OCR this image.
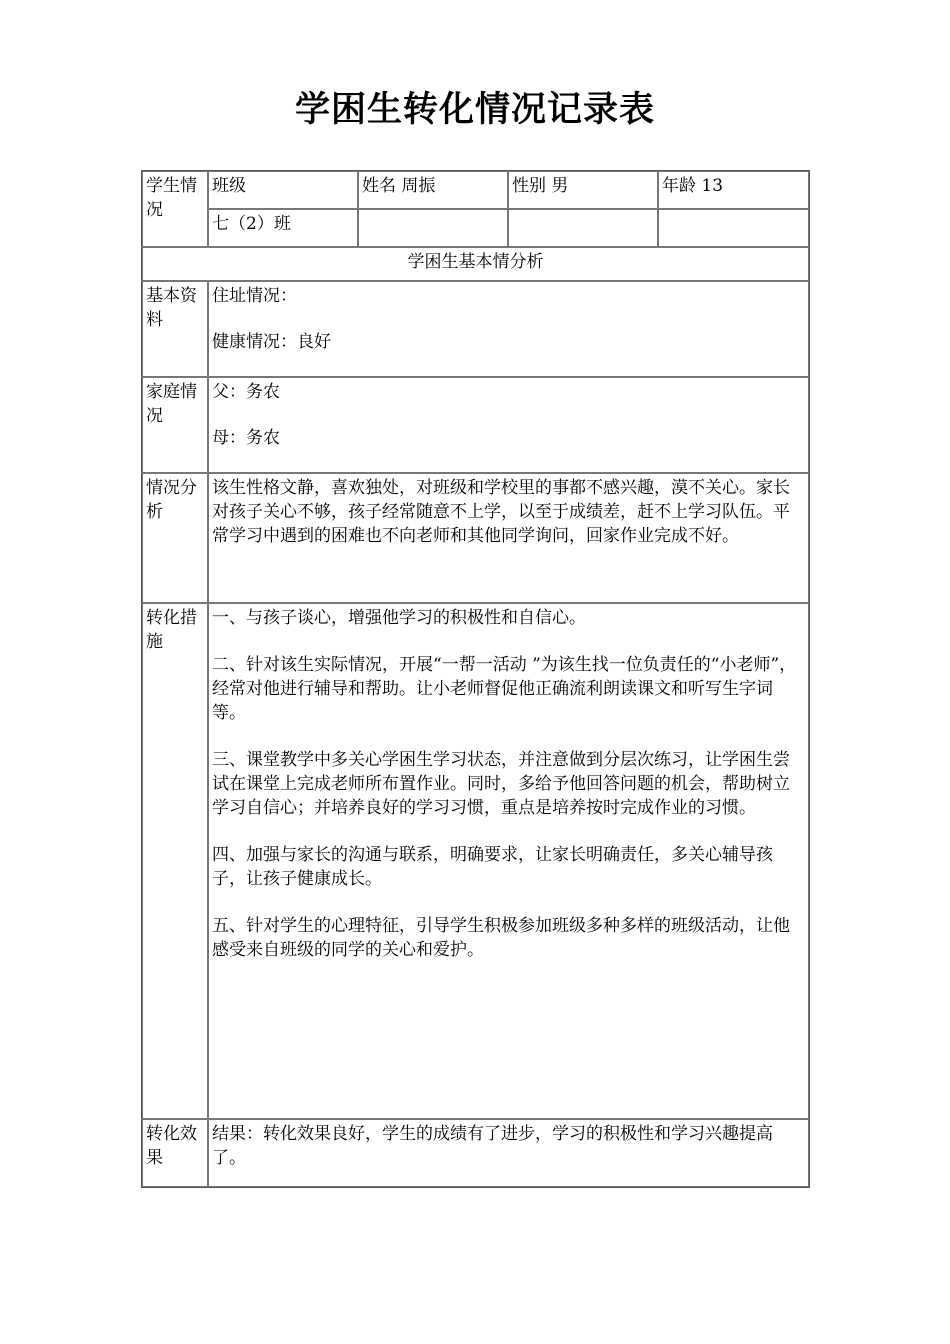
学困生转化情况记录表
学生情况	班级	姓名 周振	性别 男	年龄 13
	七（2）班			
学困生基本情分析				
基本资料	住址情况：
健康情况：良好			

家庭情况	父：务农
母：务农			

情况分析	该生性格文静，喜欢独处，对班级和学校里的事都不感兴趣，漠不关心。家长对孩子关心不够，孩子经常随意不上学，以至于成绩差，赶不上学习队伍。平常学习中遇到的困难也不向老师和其他同学询问，回家作业完成不好。			
转化措施	一、与孩子谈心，增强他学习的积极性和自信心。
二、针对该生实际情况，开展“一帮一活动 ”为该生找一位负责任的“小老师”，经常对他进行辅导和帮助。让小老师督促他正确流利朗读课文和听写生字词等。
三、课堂教学中多关心学困生学习状态，并注意做到分层次练习，让学困生尝试在课堂上完成老师所布置作业。同时，多给予他回答问题的机会，帮助树立学习自信心；并培养良好的学习习惯，重点是培养按时完成作业的习惯。
四、加强与家长的沟通与联系，明确要求，让家长明确责任，多关心辅导孩子，让孩子健康成长。
五、针对学生的心理特征，引导学生积极参加班级多种多样的班级活动，让他感受来自班级的同学的关心和爱护。			

转化效果	结果：转化效果良好，学生的成绩有了进步，学习的积极性和学习兴趣提高了。			
